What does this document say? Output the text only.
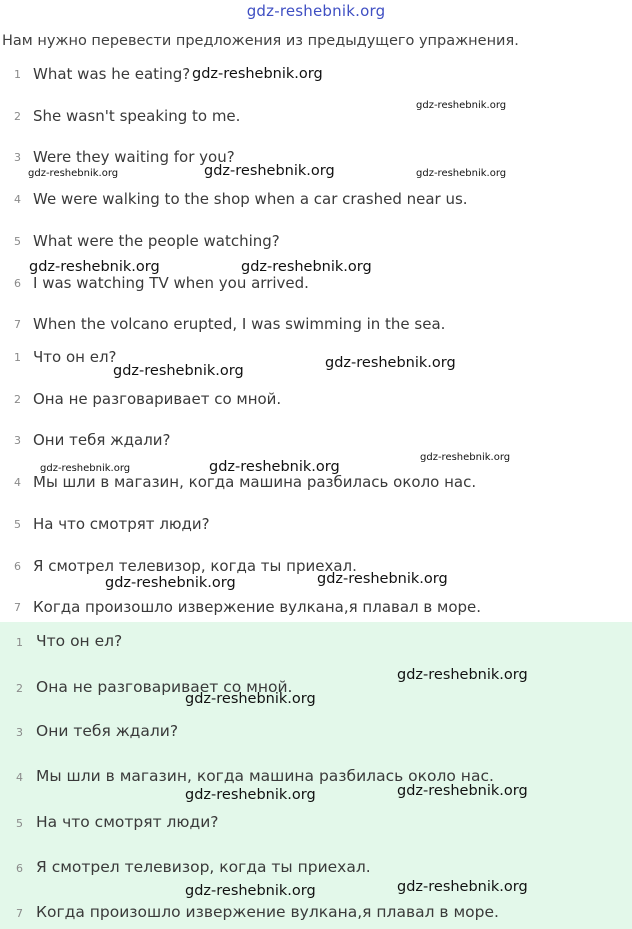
gdz-reshebnik.org
Нам нужно перевести предложения из предыдущего упражнения.
1 What was he eating?
2 She wasn't speaking to me.
3 Were they waiting for you?
4 We were walking to the shop when a car crashed near us.
5 What were the people watching?
6 I was watching TV when you arrived.
7 When the volcano erupted, I was swimming in the sea.
1 Что он ел?
2 Она не разговаривает со мной.
3 Они тебя ждали?
4 Мы шли в магазин, когда машина разбилась около нас.
5 На что смотрят люди?
6 Я смотрел телевизор, когда ты приехал.
7 Когда произошло извержение вулкана,я плавал в море.
1 Что он ел?
2 Она не разговаривает со мной.
3 Они тебя ждали?
4 Мы шли в магазин, когда машина разбилась около нас.
5 На что смотрят люди?
6 Я смотрел телевизор, когда ты приехал.
7 Когда произошло извержение вулкана,я плавал в море.
gdz-reshebnik.org
gdz-reshebnik.org
gdz-reshebnik.org	gdz-reshebnik.org	gdz-reshebnik.org
gdz-reshebnik.org	gdz-reshebnik.org
gdz-reshebnik.org
gdz-reshebnik.org
gdz-reshebnik.org
gdz-reshebnik.org	gdz-reshebnik.org
gdz-reshebnik.org
gdz-reshebnik.org
gdz-reshebnik.org
gdz-reshebnik.org
gdz-reshebnik.org
gdz-reshebnik.org
gdz-reshebnik.org
gdz-reshebnik.org
